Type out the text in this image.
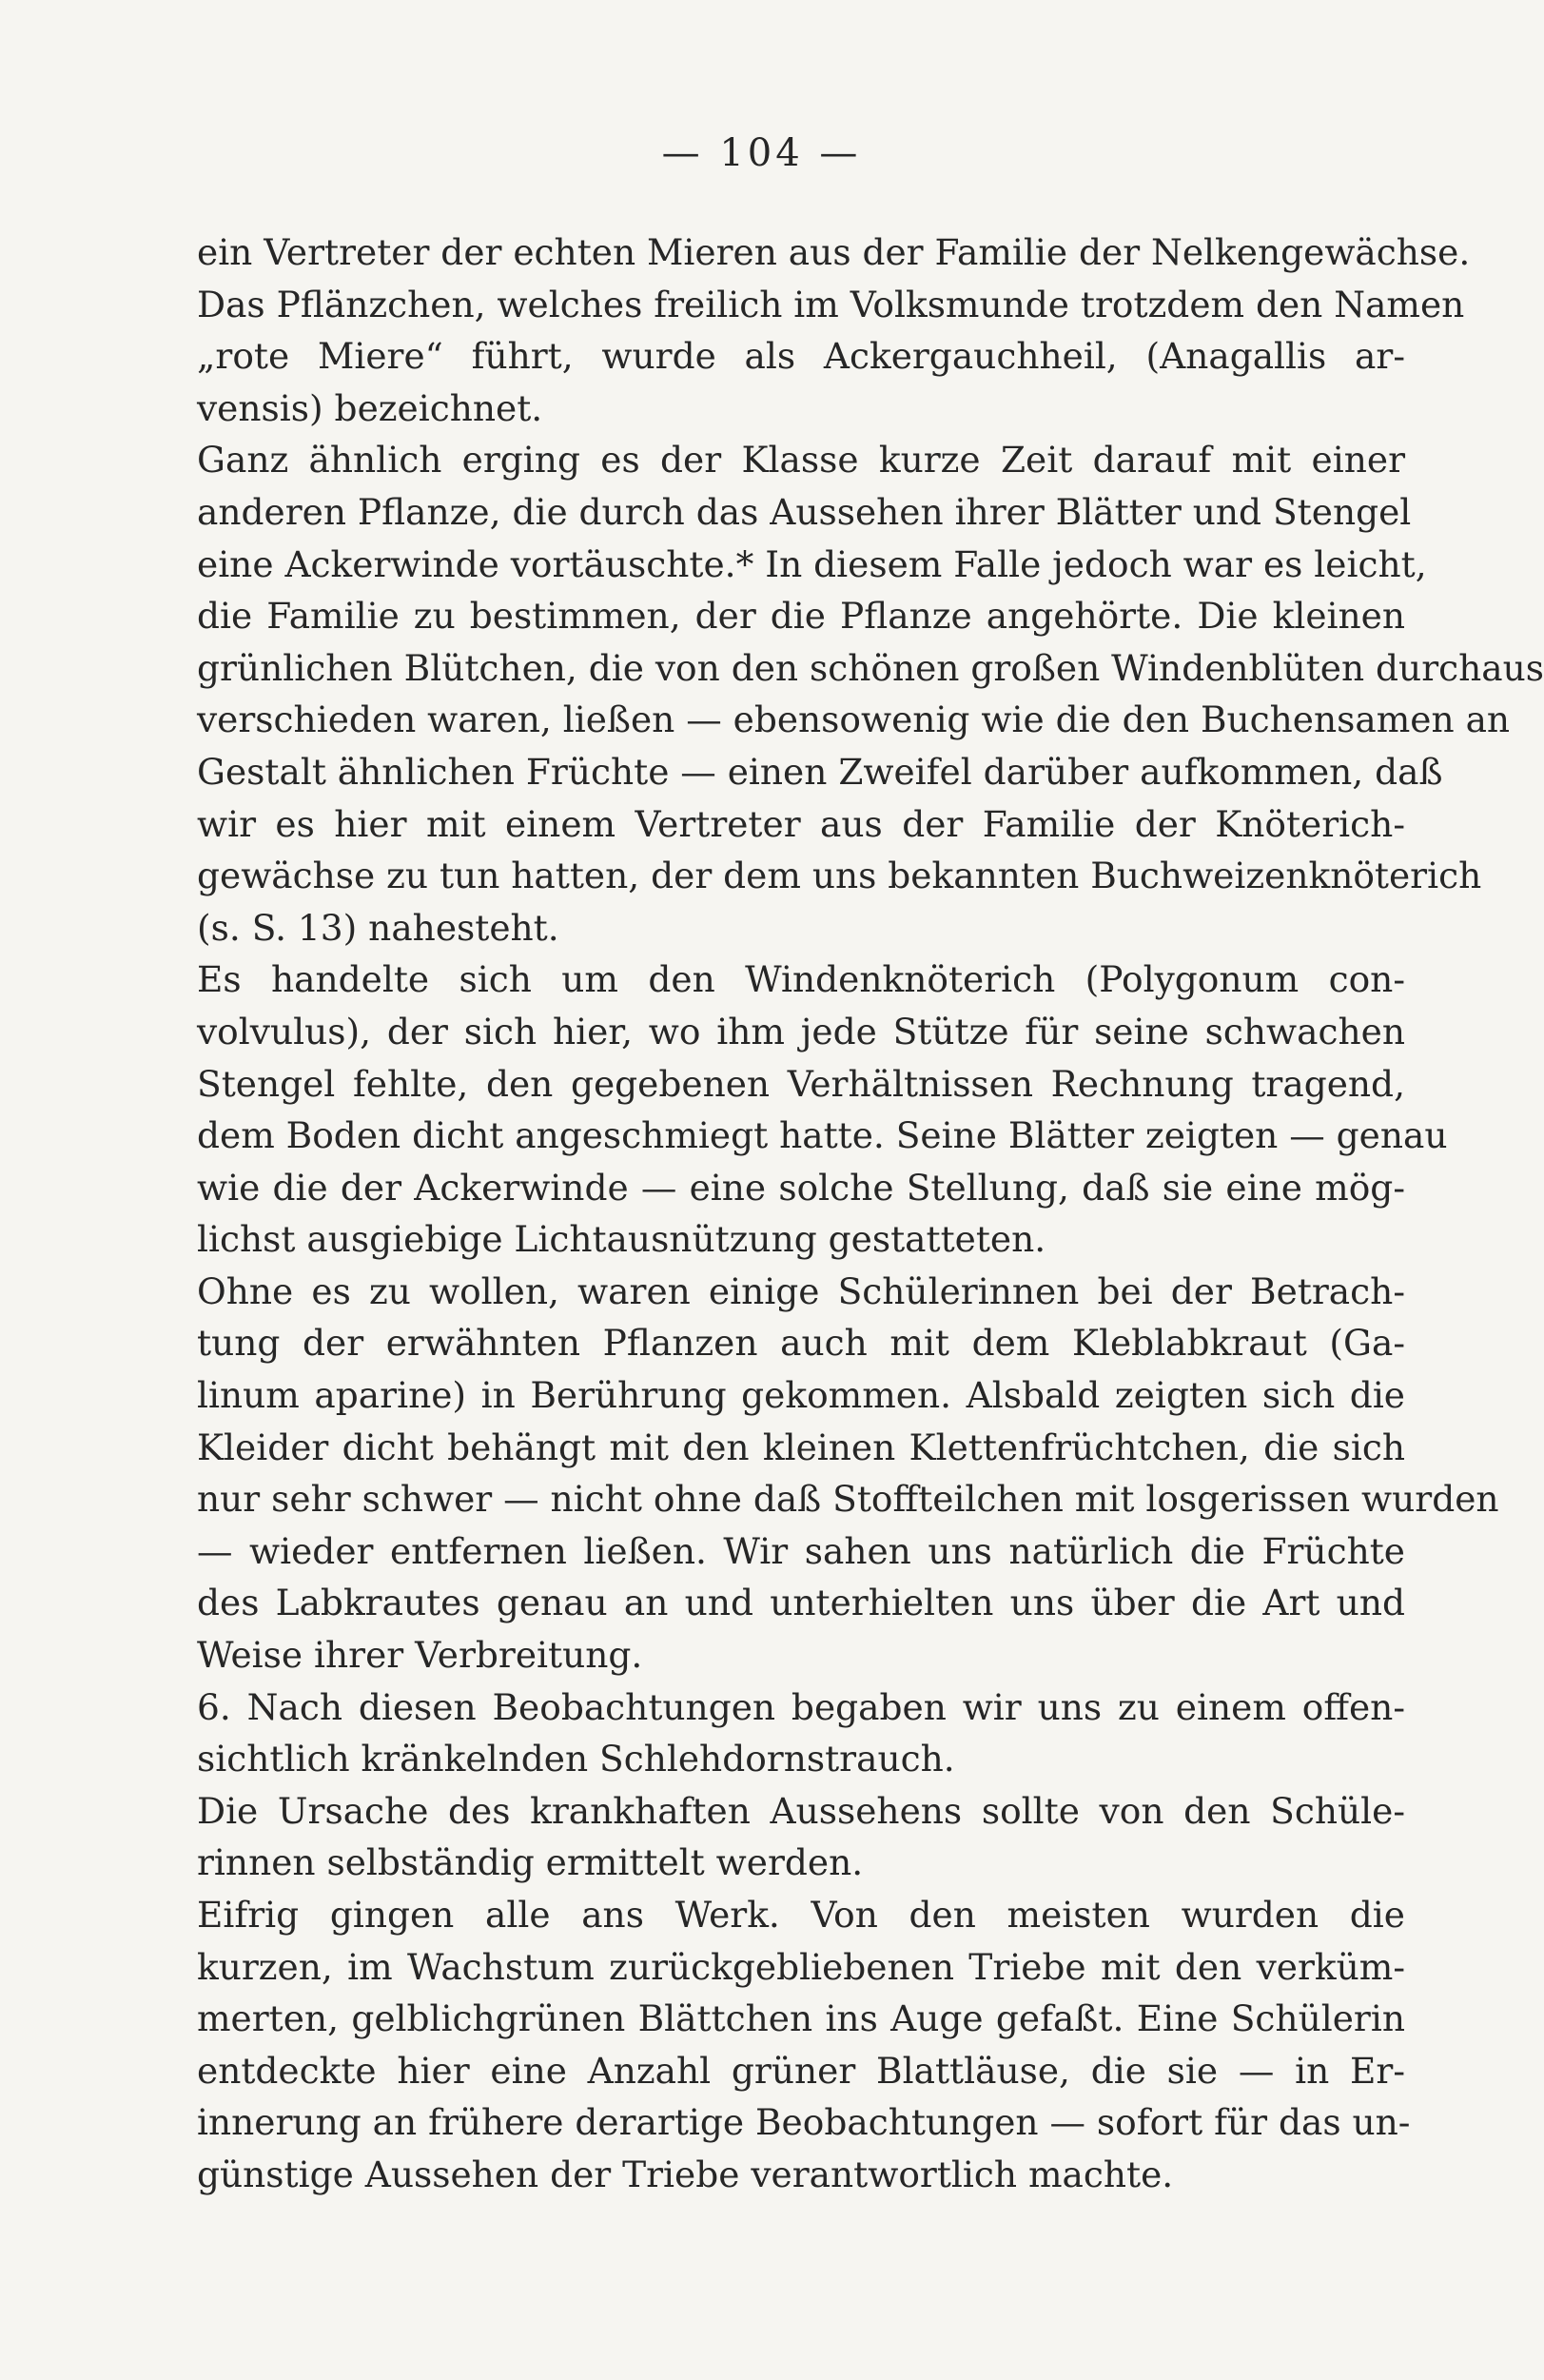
— 104 —
ein Vertreter der echten Mieren aus der Familie der Nelkengewächse.
Das Pflänzchen, welches freilich im Volksmunde trotzdem den Namen
„rote Miere“ führt, wurde als Ackergauchheil, (Anagallis ar-
vensis) bezeichnet.
Ganz ähnlich erging es der Klasse kurze Zeit darauf mit einer
anderen Pflanze, die durch das Aussehen ihrer Blätter und Stengel
eine Ackerwinde vortäuschte.* In diesem Falle jedoch war es leicht,
die Familie zu bestimmen, der die Pflanze angehörte. Die kleinen
grünlichen Blütchen, die von den schönen großen Windenblüten durchaus
verschieden waren, ließen — ebensowenig wie die den Buchensamen an
Gestalt ähnlichen Früchte — einen Zweifel darüber aufkommen, daß
wir es hier mit einem Vertreter aus der Familie der Knöterich-
gewächse zu tun hatten, der dem uns bekannten Buchweizenknöterich
(s. S. 13) nahesteht.
Es handelte sich um den Windenknöterich (Polygonum con-
volvulus), der sich hier, wo ihm jede Stütze für seine schwachen
Stengel fehlte, den gegebenen Verhältnissen Rechnung tragend,
dem Boden dicht angeschmiegt hatte. Seine Blätter zeigten — genau
wie die der Ackerwinde — eine solche Stellung, daß sie eine mög-
lichst ausgiebige Lichtausnützung gestatteten.
Ohne es zu wollen, waren einige Schülerinnen bei der Betrach-
tung der erwähnten Pflanzen auch mit dem Kleblabkraut (Ga-
linum aparine) in Berührung gekommen. Alsbald zeigten sich die
Kleider dicht behängt mit den kleinen Klettenfrüchtchen, die sich
nur sehr schwer — nicht ohne daß Stoffteilchen mit losgerissen wurden
— wieder entfernen ließen. Wir sahen uns natürlich die Früchte
des Labkrautes genau an und unterhielten uns über die Art und
Weise ihrer Verbreitung.
6. Nach diesen Beobachtungen begaben wir uns zu einem offen-
sichtlich kränkelnden Schlehdornstrauch.
Die Ursache des krankhaften Aussehens sollte von den Schüle-
rinnen selbständig ermittelt werden.
Eifrig gingen alle ans Werk. Von den meisten wurden die
kurzen, im Wachstum zurückgebliebenen Triebe mit den verküm-
merten, gelblichgrünen Blättchen ins Auge gefaßt. Eine Schülerin
entdeckte hier eine Anzahl grüner Blattläuse, die sie — in Er-
innerung an frühere derartige Beobachtungen — sofort für das un-
günstige Aussehen der Triebe verantwortlich machte.
